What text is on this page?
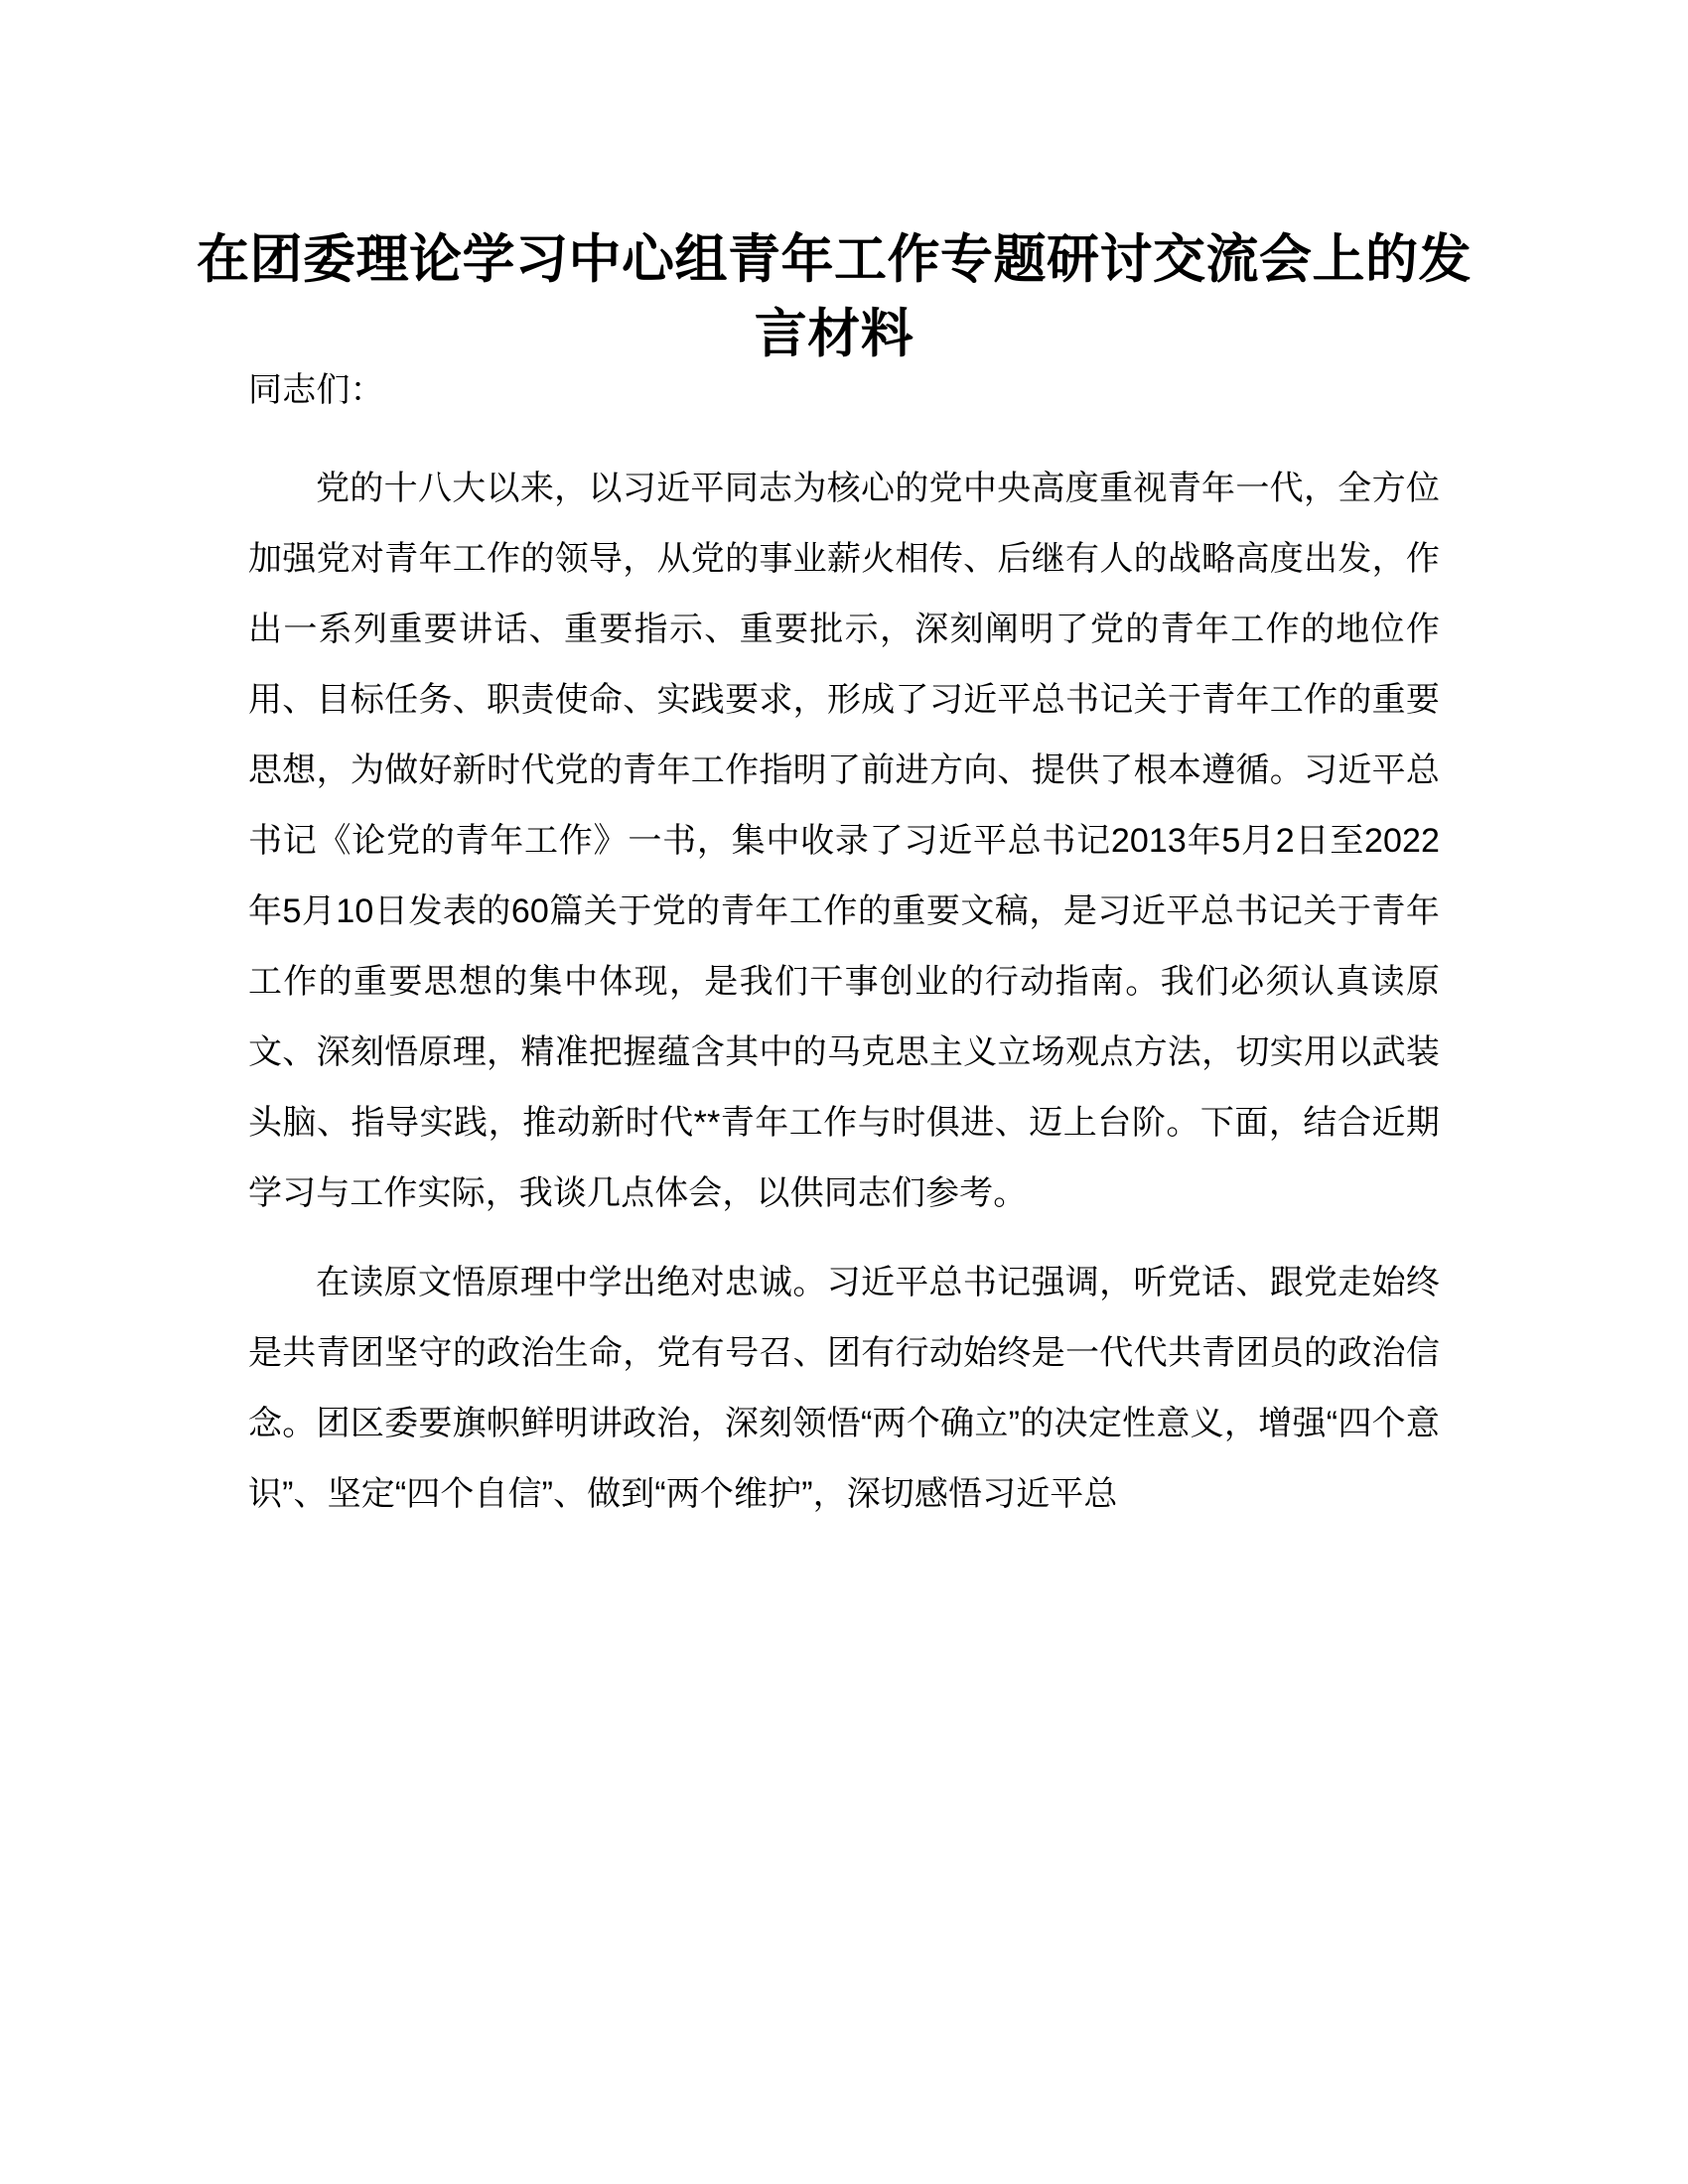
在团委理论学习中心组青年工作专题研讨交流会上的发言材料

同志们：

党的十八大以来，以习近平同志为核心的党中央高度重视青年一代，全方位加强党对青年工作的领导，从党的事业薪火相传、后继有人的战略高度出发，作出一系列重要讲话、重要指示、重要批示，深刻阐明了党的青年工作的地位作用、目标任务、职责使命、实践要求，形成了习近平总书记关于青年工作的重要思想，为做好新时代党的青年工作指明了前进方向、提供了根本遵循。习近平总书记《论党的青年工作》一书，集中收录了习近平总书记2013年5月2日至2022年5月10日发表的60篇关于党的青年工作的重要文稿，是习近平总书记关于青年工作的重要思想的集中体现，是我们干事创业的行动指南。我们必须认真读原文、深刻悟原理，精准把握蕴含其中的马克思主义立场观点方法，切实用以武装头脑、指导实践，推动新时代**青年工作与时俱进、迈上台阶。下面，结合近期学习与工作实际，我谈几点体会，以供同志们参考。

在读原文悟原理中学出绝对忠诚。习近平总书记强调，听党话、跟党走始终是共青团坚守的政治生命，党有号召、团有行动始终是一代代共青团员的政治信念。团区委要旗帜鲜明讲政治，深刻领悟“两个确立”的决定性意义，增强“四个意识”、坚定“四个自信”、做到“两个维护”，深切感悟习近平总
